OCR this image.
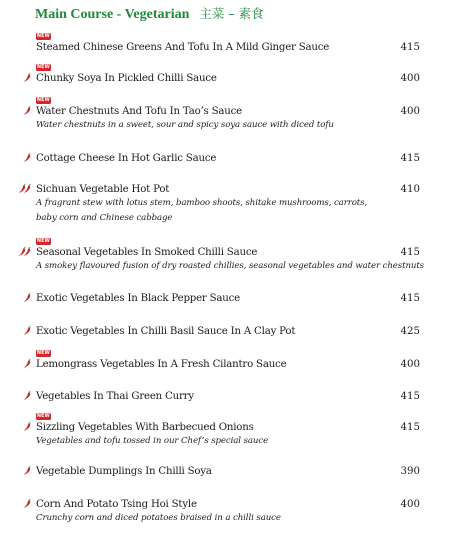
Main Course - Vegetarian 主菜 – 素食
NEW
Steamed Chinese Greens And Tofu In A Mild Ginger Sauce	415
NEW
Chunky Soya In Pickled Chilli Sauce	400
NEW
Water Chestnuts And Tofu In Tao’s Sauce	400
Water chestnuts in a sweet, sour and spicy soya sauce with diced tofu
Cottage Cheese In Hot Garlic Sauce	415
Sichuan Vegetable Hot Pot	410
A fragrant stew with lotus stem, bamboo shoots, shitake mushrooms, carrots,
baby corn and Chinese cabbage
NEW
Seasonal Vegetables In Smoked Chilli Sauce	415
A smokey flavoured fusion of dry roasted chillies, seasonal vegetables and water chestnuts
Exotic Vegetables In Black Pepper Sauce	415
Exotic Vegetables In Chilli Basil Sauce In A Clay Pot	425
NEW
Lemongrass Vegetables In A Fresh Cilantro Sauce	400
Vegetables In Thai Green Curry	415
NEW
Sizzling Vegetables With Barbecued Onions	415
Vegetables and tofu tossed in our Chef’s special sauce
Vegetable Dumplings In Chilli Soya	390
Corn And Potato Tsing Hoi Style	400
Crunchy corn and diced potatoes braised in a chilli sauce
